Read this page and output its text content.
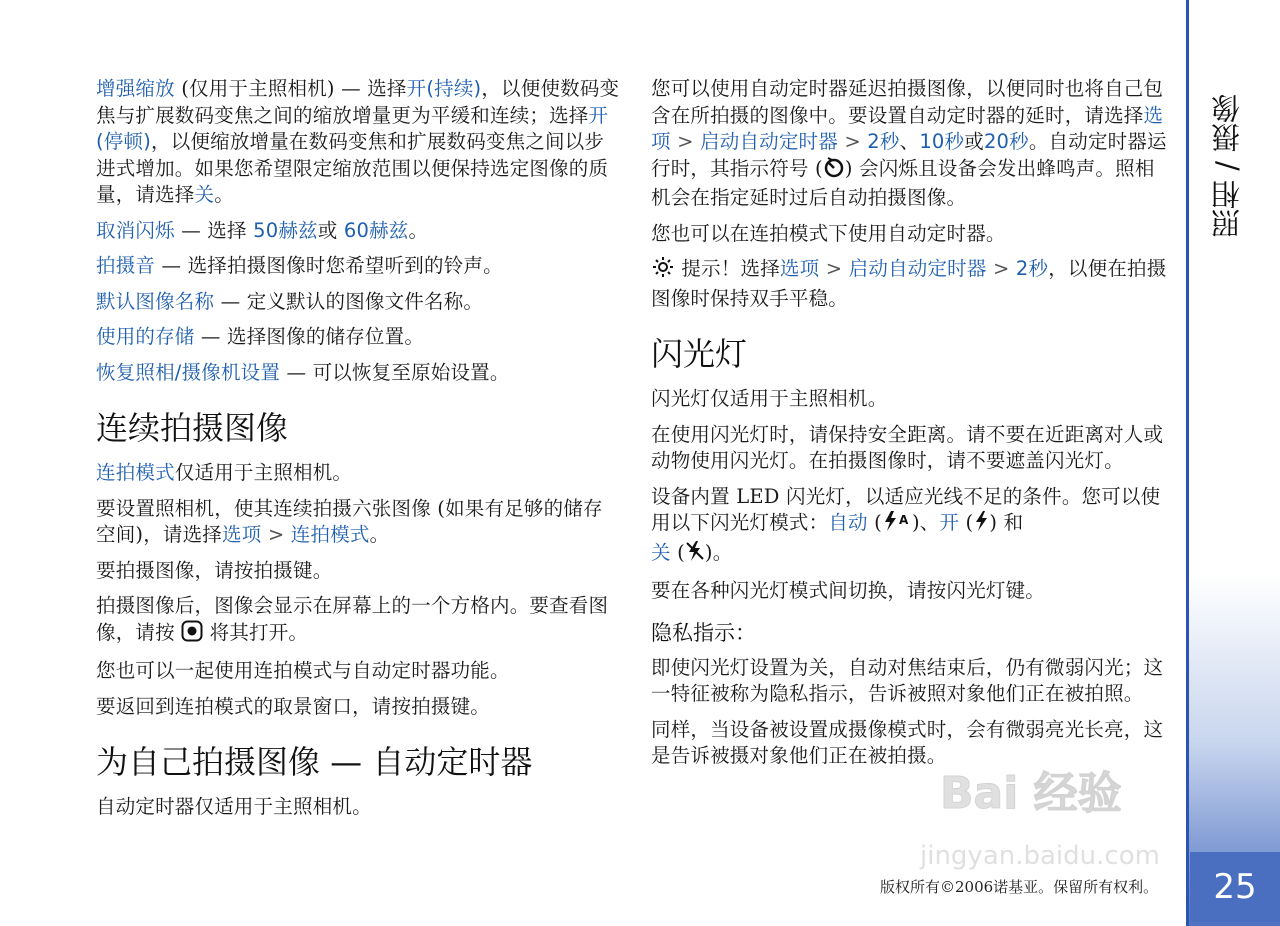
照相 / 摄像

增强缩放 (仅用于主照相机) — 选择开(持续)，以便使数码变焦与扩展数码变焦之间的缩放增量更为平缓和连续；选择开(停顿)，以便缩放增量在数码变焦和扩展数码变焦之间以步进式增加。如果您希望限定缩放范围以便保持选定图像的质量，请选择关。

取消闪烁 — 选择 50赫兹或 60赫兹。

拍摄音 — 选择拍摄图像时您希望听到的铃声。

默认图像名称 — 定义默认的图像文件名称。

使用的存储 — 选择图像的储存位置。

恢复照相/摄像机设置 — 可以恢复至原始设置。

连续拍摄图像

连拍模式仅适用于主照相机。

要设置照相机，使其连续拍摄六张图像 (如果有足够的储存空间)，请选择选项 > 连拍模式。

要拍摄图像，请按拍摄键。

拍摄图像后，图像会显示在屏幕上的一个方格内。要查看图像，请按 将其打开。

您也可以一起使用连拍模式与自动定时器功能。

要返回到连拍模式的取景窗口，请按拍摄键。

为自己拍摄图像 — 自动定时器

自动定时器仅适用于主照相机。

您可以使用自动定时器延迟拍摄图像，以便同时也将自己包含在所拍摄的图像中。要设置自动定时器的延时，请选择选项 > 启动自动定时器 > 2秒、10秒或20秒。自动定时器运行时，其指示符号 ( ) 会闪烁且设备会发出蜂鸣声。照相机会在指定延时过后自动拍摄图像。

您也可以在连拍模式下使用自动定时器。

提示！选择选项 > 启动自动定时器 > 2秒，以便在拍摄图像时保持双手平稳。

闪光灯

闪光灯仅适用于主照相机。

在使用闪光灯时，请保持安全距离。请不要在近距离对人或动物使用闪光灯。在拍摄图像时，请不要遮盖闪光灯。

设备内置 LED 闪光灯，以适应光线不足的条件。您可以使用以下闪光灯模式：自动 ( A )、开 ( ) 和
关 ( )。

要在各种闪光灯模式间切换，请按闪光灯键。

隐私指示：

即使闪光灯设置为关，自动对焦结束后，仍有微弱闪光；这一特征被称为隐私指示，告诉被照对象他们正在被拍照。

同样，当设备被设置成摄像模式时，会有微弱亮光长亮，这是告诉被摄对象他们正在被拍摄。

版权所有©2006诺基亚。保留所有权利。	25
Bai 经验
jingyan.baidu.com
